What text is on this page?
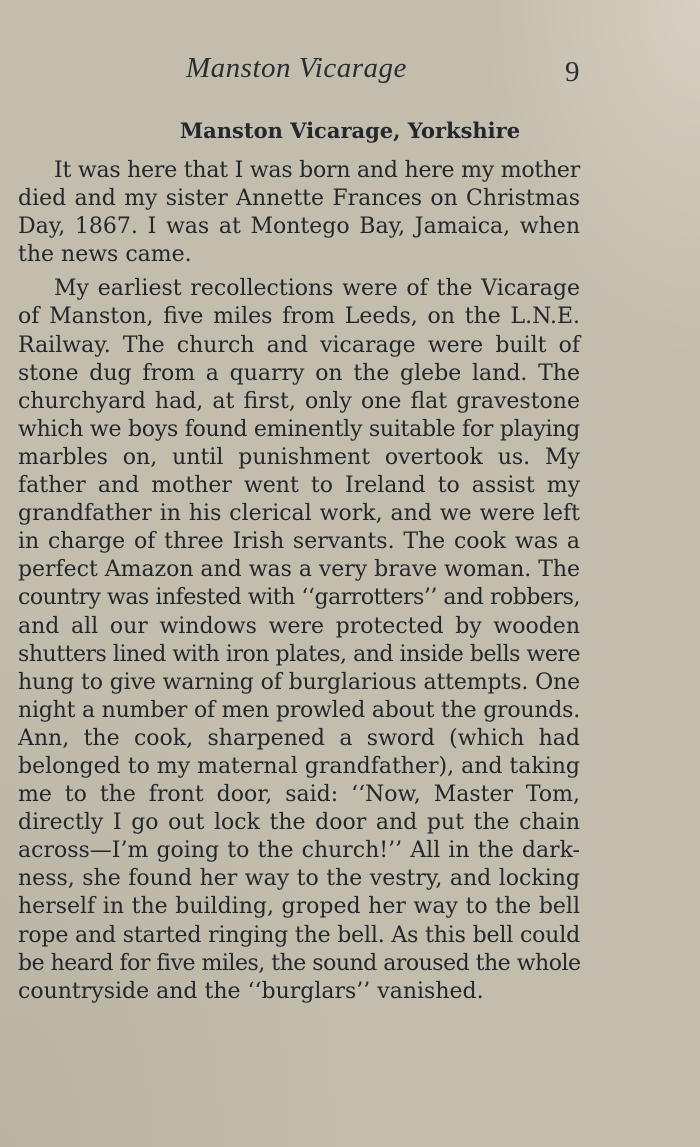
Manston Vicarage	9
Manston Vicarage, Yorkshire

It was here that I was born and here my mother
died and my sister Annette Frances on Christmas
Day, 1867. I was at Montego Bay, Jamaica, when
the news came.

My earliest recollections were of the Vicarage
of Manston, five miles from Leeds, on the L.N.E.
Railway. The church and vicarage were built of
stone dug from a quarry on the glebe land. The
churchyard had, at first, only one flat gravestone
which we boys found eminently suitable for playing
marbles on, until punishment overtook us. My
father and mother went to Ireland to assist my
grandfather in his clerical work, and we were left
in charge of three Irish servants. The cook was a
perfect Amazon and was a very brave woman. The
country was infested with ‘‘garrotters’’ and robbers,
and all our windows were protected by wooden
shutters lined with iron plates, and inside bells were
hung to give warning of burglarious attempts. One
night a number of men prowled about the grounds.
Ann, the cook, sharpened a sword (which had
belonged to my maternal grandfather), and taking
me to the front door, said: ‘‘Now, Master Tom,
directly I go out lock the door and put the chain
across—I’m going to the church!’’ All in the dark-
ness, she found her way to the vestry, and locking
herself in the building, groped her way to the bell
rope and started ringing the bell. As this bell could
be heard for five miles, the sound aroused the whole
countryside and the ‘‘burglars’’ vanished.
